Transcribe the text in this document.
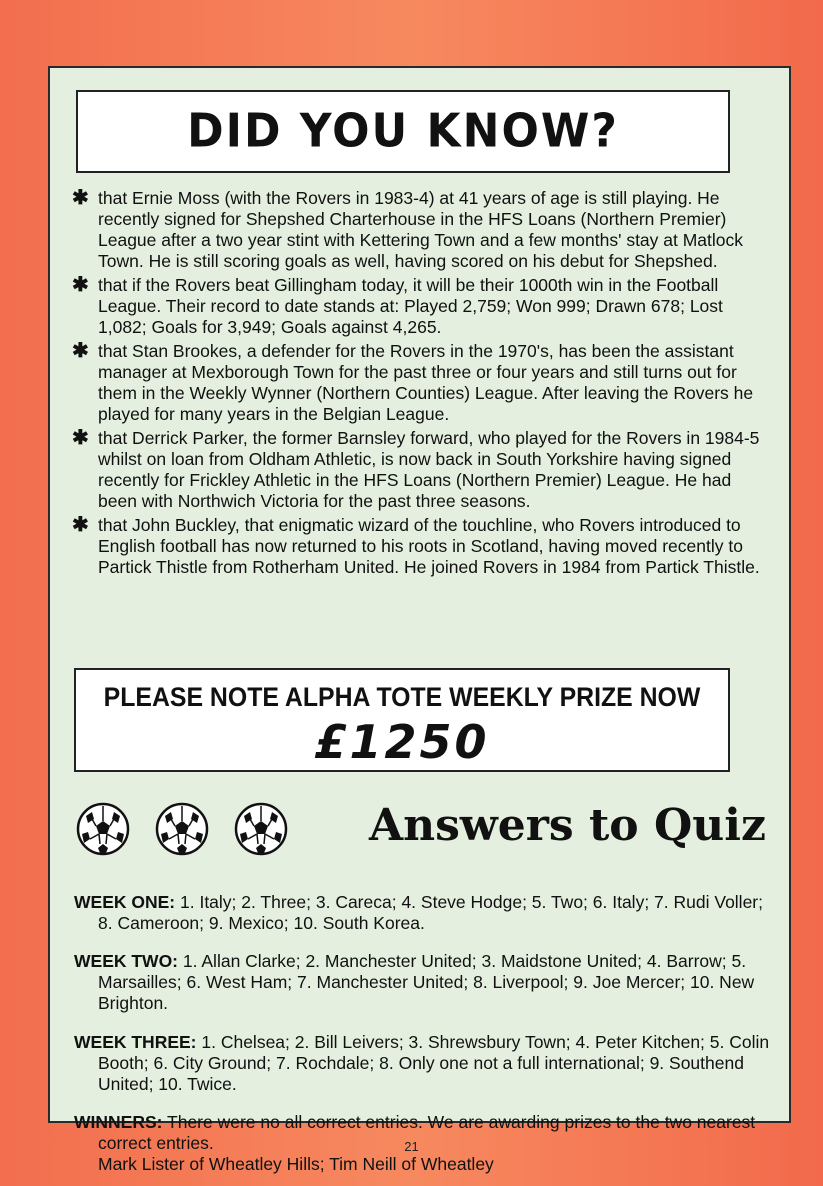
DID YOU KNOW?
✱ that Ernie Moss (with the Rovers in 1983-4) at 41 years of age is still playing. He recently signed for Shepshed Charterhouse in the HFS Loans (Northern Premier) League after a two year stint with Kettering Town and a few months' stay at Matlock Town. He is still scoring goals as well, having scored on his debut for Shepshed.
✱ that if the Rovers beat Gillingham today, it will be their 1000th win in the Football League. Their record to date stands at: Played 2,759; Won 999; Drawn 678; Lost 1,082; Goals for 3,949; Goals against 4,265.
✱ that Stan Brookes, a defender for the Rovers in the 1970's, has been the assistant manager at Mexborough Town for the past three or four years and still turns out for them in the Weekly Wynner (Northern Counties) League. After leaving the Rovers he played for many years in the Belgian League.
✱ that Derrick Parker, the former Barnsley forward, who played for the Rovers in 1984-5 whilst on loan from Oldham Athletic, is now back in South Yorkshire having signed recently for Frickley Athletic in the HFS Loans (Northern Premier) League. He had been with Northwich Victoria for the past three seasons.
✱ that John Buckley, that enigmatic wizard of the touchline, who Rovers introduced to English football has now returned to his roots in Scotland, having moved recently to Partick Thistle from Rotherham United. He joined Rovers in 1984 from Partick Thistle.
PLEASE NOTE ALPHA TOTE WEEKLY PRIZE NOW
£1250
Answers to Quiz

WEEK ONE: 1. Italy; 2. Three; 3. Careca; 4. Steve Hodge; 5. Two; 6. Italy; 7. Rudi Voller; 8. Cameroon; 9. Mexico; 10. South Korea.

WEEK TWO: 1. Allan Clarke; 2. Manchester United; 3. Maidstone United; 4. Barrow; 5. Marsailles; 6. West Ham; 7. Manchester United; 8. Liverpool; 9. Joe Mercer; 10. New Brighton.

WEEK THREE: 1. Chelsea; 2. Bill Leivers; 3. Shrewsbury Town; 4. Peter Kitchen; 5. Colin Booth; 6. City Ground; 7. Rochdale; 8. Only one not a full international; 9. Southend United; 10. Twice.

WINNERS: There were no all correct entries. We are awarding prizes to the two nearest correct entries.
Mark Lister of Wheatley Hills; Tim Neill of Wheatley

21
